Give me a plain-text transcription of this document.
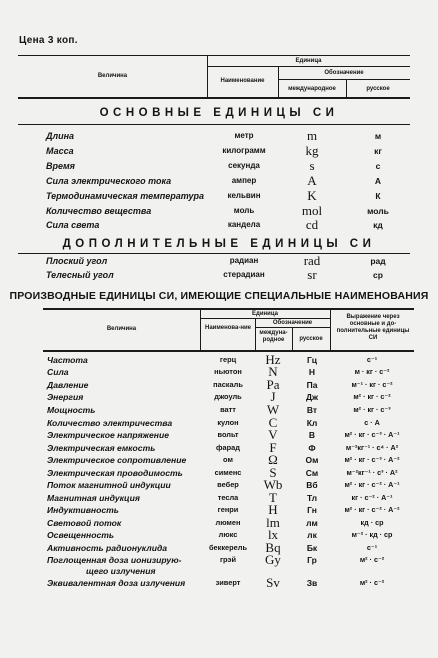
Цена 3 коп.
Величина
Единица
Наименование
Обозначение
международное	русское
ОСНОВНЫЕ ЕДИНИЦЫ СИ
Длина	метр	m	м
Масса	килограмм	kg	кг
Время	секунда	s	с
Сила электрического тока	ампер	A	А
Термодинамическая температура	кельвин	K	К
Количество вещества	моль	mol	моль
Сила света	кандела	cd	кд
ДОПОЛНИТЕЛЬНЫЕ ЕДИНИЦЫ СИ
Плоский угол	радиан	rad	рад
Телесный угол	стерадиан	sr	ср
ПРОИЗВОДНЫЕ ЕДИНИЦЫ СИ, ИМЕЮЩИЕ СПЕЦИАЛЬНЫЕ НАИМЕНОВАНИЯ
Величина
Единица
Наименова-ние
Обозначение
междуна-родное	русское
Выражение через основные и до-полнительные единицы СИ
Частота	герц	Hz	Гц	с⁻¹
Сила	ньютон	N	Н	м · кг · с⁻²
Давление	паскаль	Pa	Па	м⁻¹ · кг · с⁻²
Энергия	джоуль	J	Дж	м² · кг · с⁻²
Мощность	ватт	W	Вт	м² · кг · с⁻³
Количество электричества	кулон	C	Кл	с · А
Электрическое напряжение	вольт	V	В	м² · кг · с⁻³ · А⁻¹
Электрическая емкость	фарад	F	Ф	м⁻²кг⁻¹ · с⁴ · А²
Электрическое сопротивление	ом	Ω	Ом	м² · кг · с⁻³ · А⁻²
Электрическая проводимость	сименс	S	См	м⁻²кг⁻¹ · с³ · А²
Поток магнитной индукции	вебер	Wb	Вб	м² · кг · с⁻² · А⁻¹
Магнитная индукция	тесла	T	Тл	кг · с⁻² · А⁻¹
Индуктивность	генри	H	Гн	м² · кг · с⁻² · А⁻²
Световой поток	люмен	lm	лм	кд · ср
Освещенность	люкс	lx	лк	м⁻² · кд · ср
Активность радионуклида	беккерель	Bq	Бк	с⁻¹
Поглощенная доза ионизирую-	грэй	Gy	Гр	м² · с⁻²
щего излучения
Эквивалентная доза излучения	зиверт	Sv	Зв	м² · с⁻²
